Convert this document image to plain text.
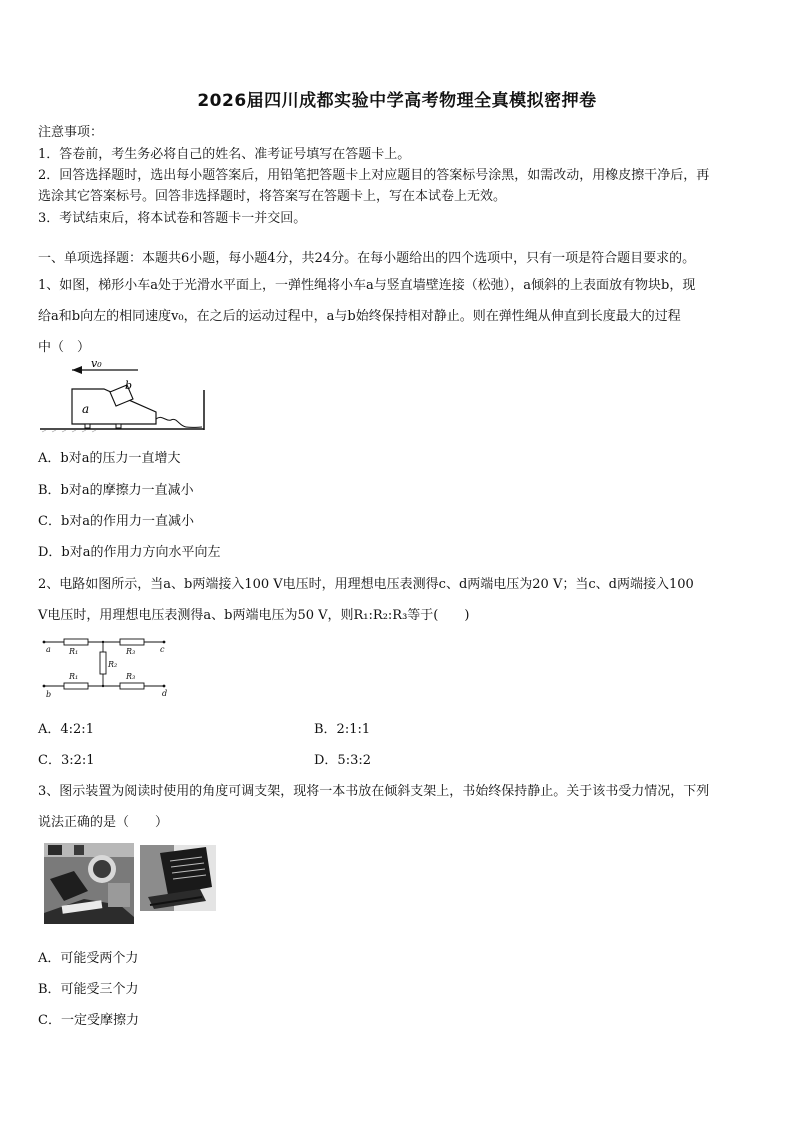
2026届四川成都实验中学高考物理全真模拟密押卷
注意事项：
1．答卷前，考生务必将自己的姓名、准考证号填写在答题卡上。
2．回答选择题时，选出每小题答案后，用铅笔把答题卡上对应题目的答案标号涂黑，如需改动，用橡皮擦干净后，再
选涂其它答案标号。回答非选择题时，将答案写在答题卡上，写在本试卷上无效。
3．考试结束后，将本试卷和答题卡一并交回。
一、单项选择题：本题共6小题，每小题4分，共24分。在每小题给出的四个选项中，只有一项是符合题目要求的。
1、如图，梯形小车a处于光滑水平面上，一弹性绳将小车a与竖直墙壁连接（松弛），a倾斜的上表面放有物块b，现
给a和b向左的相同速度v₀，在之后的运动过程中，a与b始终保持相对静止。则在弹性绳从伸直到长度最大的过程
中（　）
v₀
a
b
A．b对a的压力一直增大
B．b对a的摩擦力一直减小
C．b对a的作用力一直减小
D．b对a的作用力方向水平向左
2、电路如图所示，当a、b两端接入100 V电压时，用理想电压表测得c、d两端电压为20 V；当c、d两端接入100
V电压时，用理想电压表测得a、b两端电压为50 V，则R₁:R₂:R₃等于(　　)
a	c
b	d
R₁	R₃
R₂
R₁	R₃
A．4:2:1	B．2:1:1
C．3:2:1	D．5:3:2
3、图示装置为阅读时使用的角度可调支架，现将一本书放在倾斜支架上，书始终保持静止。关于该书受力情况，下列
说法正确的是（　　）
A．可能受两个力
B．可能受三个力
C．一定受摩擦力
